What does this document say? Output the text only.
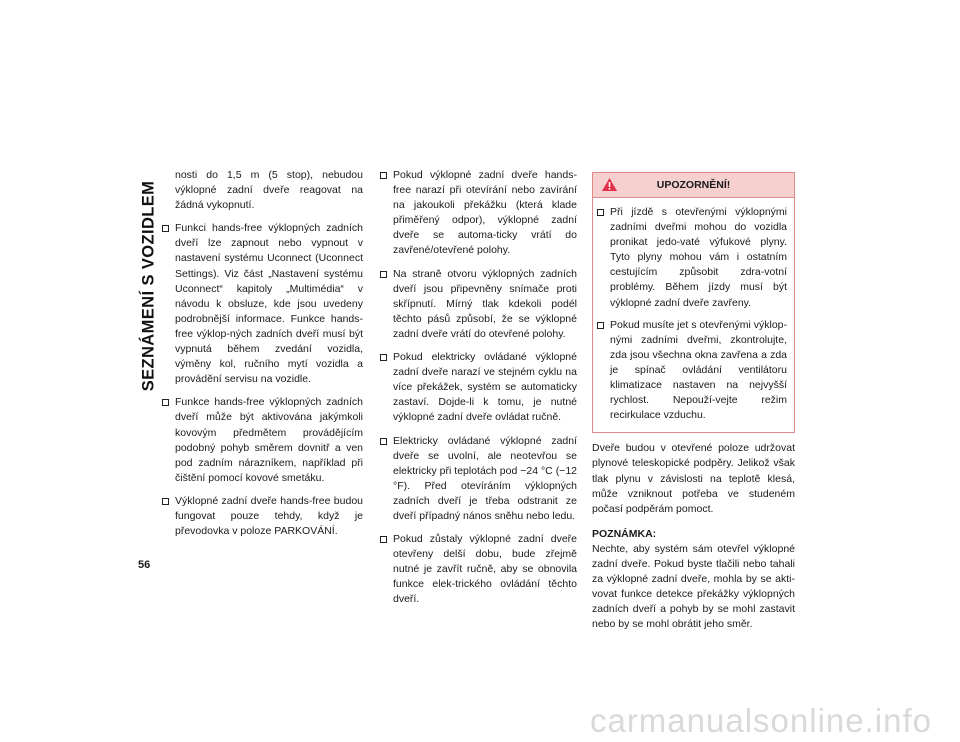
SEZNÁMENÍ S VOZIDLEM
56

nosti do 1,5 m (5 stop), nebudou výklopné zadní dveře reagovat na žádná vykopnutí.

Funkci hands-free výklopných zadních dveří lze zapnout nebo vypnout v nastavení systému Uconnect (Uconnect Settings). Viz část „Nastavení systému Uconnect“ kapitoly „Multimédia“ v návodu k obsluze, kde jsou uvedeny podrobnější informace. Funkce hands-free výklop-ných zadních dveří musí být vypnutá během zvedání vozidla, výměny kol, ručního mytí vozidla a provádění servisu na vozidle.
Funkce hands-free výklopných zadních dveří může být aktivována jakýmkoli kovovým předmětem provádějícím podobný pohyb směrem dovnitř a ven pod zadním nárazníkem, například při čištění pomocí kovové smetáku.
Výklopné zadní dveře hands-free budou fungovat pouze tehdy, když je převodovka v poloze PARKOVÁNÍ.
Pokud výklopné zadní dveře hands-free narazí při otevírání nebo zavírání na jakoukoli překážku (která klade přiměřený odpor), výklopné zadní dveře se automa-ticky vrátí do zavřené/otevřené polohy.
Na straně otvoru výklopných zadních dveří jsou připevněny snímače proti skřípnutí. Mírný tlak kdekoli podél těchto pásů způsobí, že se výklopné zadní dveře vrátí do otevřené polohy.
Pokud elektricky ovládané výklopné zadní dveře narazí ve stejném cyklu na více překážek, systém se automaticky zastaví. Dojde-li k tomu, je nutné výklopné zadní dveře ovládat ručně.
Elektricky ovládané výklopné zadní dveře se uvolní, ale neotevřou se elektricky při teplotách pod −24 °C (−12 °F). Před otevíráním výklopných zadních dveří je třeba odstranit ze dveří případný nános sněhu nebo ledu.
Pokud zůstaly výklopné zadní dveře otevřeny delší dobu, bude zřejmě nutné je zavřít ručně, aby se obnovila funkce elek-trického ovládání těchto dveří.
UPOZORNĚNÍ!
Při jízdě s otevřenými výklopnými zadními dveřmi mohou do vozidla pronikat jedo-vaté výfukové plyny. Tyto plyny mohou vám i ostatním cestujícím způsobit zdra-votní problémy. Během jízdy musí být výklopné zadní dveře zavřeny.
Pokud musíte jet s otevřenými výklop-nými zadními dveřmi, zkontrolujte, zda jsou všechna okna zavřena a zda je spínač ovládání ventilátoru klimatizace nastaven na nejvyšší rychlost. Nepouží-vejte režim recirkulace vzduchu.

Dveře budou v otevřené poloze udržovat plynové teleskopické podpěry. Jelikož však tlak plynu v závislosti na teplotě klesá, může vzniknout potřeba ve studeném počasí podpěrám pomoct.

POZNÁMKA:

Nechte, aby systém sám otevřel výklopné zadní dveře. Pokud byste tlačili nebo tahali za výklopné zadní dveře, mohla by se akti-vovat funkce detekce překážky výklopných zadních dveří a pohyb by se mohl zastavit nebo by se mohl obrátit jeho směr.

carmanualsonline.info
